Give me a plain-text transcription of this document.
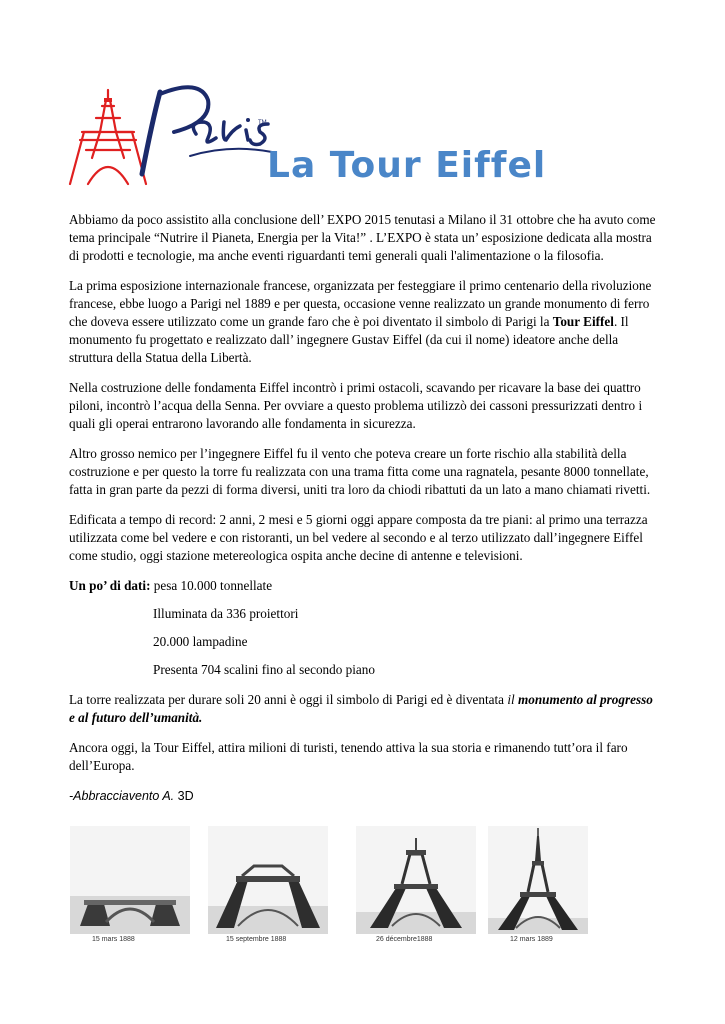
TM
La Tour Eiffel

Abbiamo da poco assistito alla conclusione dell’ EXPO 2015 tenutasi a Milano il 31 ottobre che ha avuto come tema principale “Nutrire il Pianeta, Energia per la Vita!” . L’EXPO è stata un’ esposizione dedicata alla mostra di prodotti e tecnologie, ma anche eventi riguardanti temi generali quali l'alimentazione o la filosofia.

La prima esposizione internazionale francese, organizzata per festeggiare il primo centenario della rivoluzione francese, ebbe luogo a Parigi nel 1889 e per questa, occasione venne realizzato un grande monumento di ferro che doveva essere utilizzato come un grande faro che è poi diventato il simbolo di Parigi la Tour Eiffel. Il monumento fu progettato e realizzato dall’ ingegnere Gustav Eiffel (da cui il nome) ideatore anche della struttura della Statua della Libertà.

Nella costruzione delle fondamenta Eiffel incontrò i primi ostacoli, scavando per ricavare la base dei quattro piloni, incontrò l’acqua della Senna. Per ovviare a questo problema utilizzò dei cassoni pressurizzati dentro i quali gli operai entrarono lavorando alle fondamenta in sicurezza.

Altro grosso nemico per l’ingegnere Eiffel fu il vento che poteva creare un forte rischio alla stabilità della costruzione e per questo la torre fu realizzata con una trama fitta come una ragnatela, pesante 8000 tonnellate, fatta in gran parte da pezzi di forma diversi, uniti tra loro da chiodi ribattuti da un lato a mano chiamati rivetti.

Edificata a tempo di record: 2 anni, 2 mesi e 5 giorni oggi appare composta da tre piani: al primo una terrazza utilizzata come bel vedere e con ristoranti, un bel vedere al secondo e al terzo utilizzato dall’ingegnere Eiffel come studio, oggi stazione metereologica ospita anche decine di antenne e televisioni.

Un po’ di dati: pesa 10.000 tonnellate

Illuminata da 336 proiettori

20.000 lampadine

Presenta 704 scalini fino al secondo piano

La torre realizzata per durare soli 20 anni è oggi il simbolo di Parigi ed è diventata il monumento al progresso e al futuro dell’umanità.

Ancora oggi, la Tour Eiffel, attira milioni di turisti, tenendo attiva la sua storia e rimanendo tutt’ora il faro dell’Europa.

-Abbracciavento A. 3D

15 mars 1888	15 septembre 1888	26 décembre1888	12 mars 1889
